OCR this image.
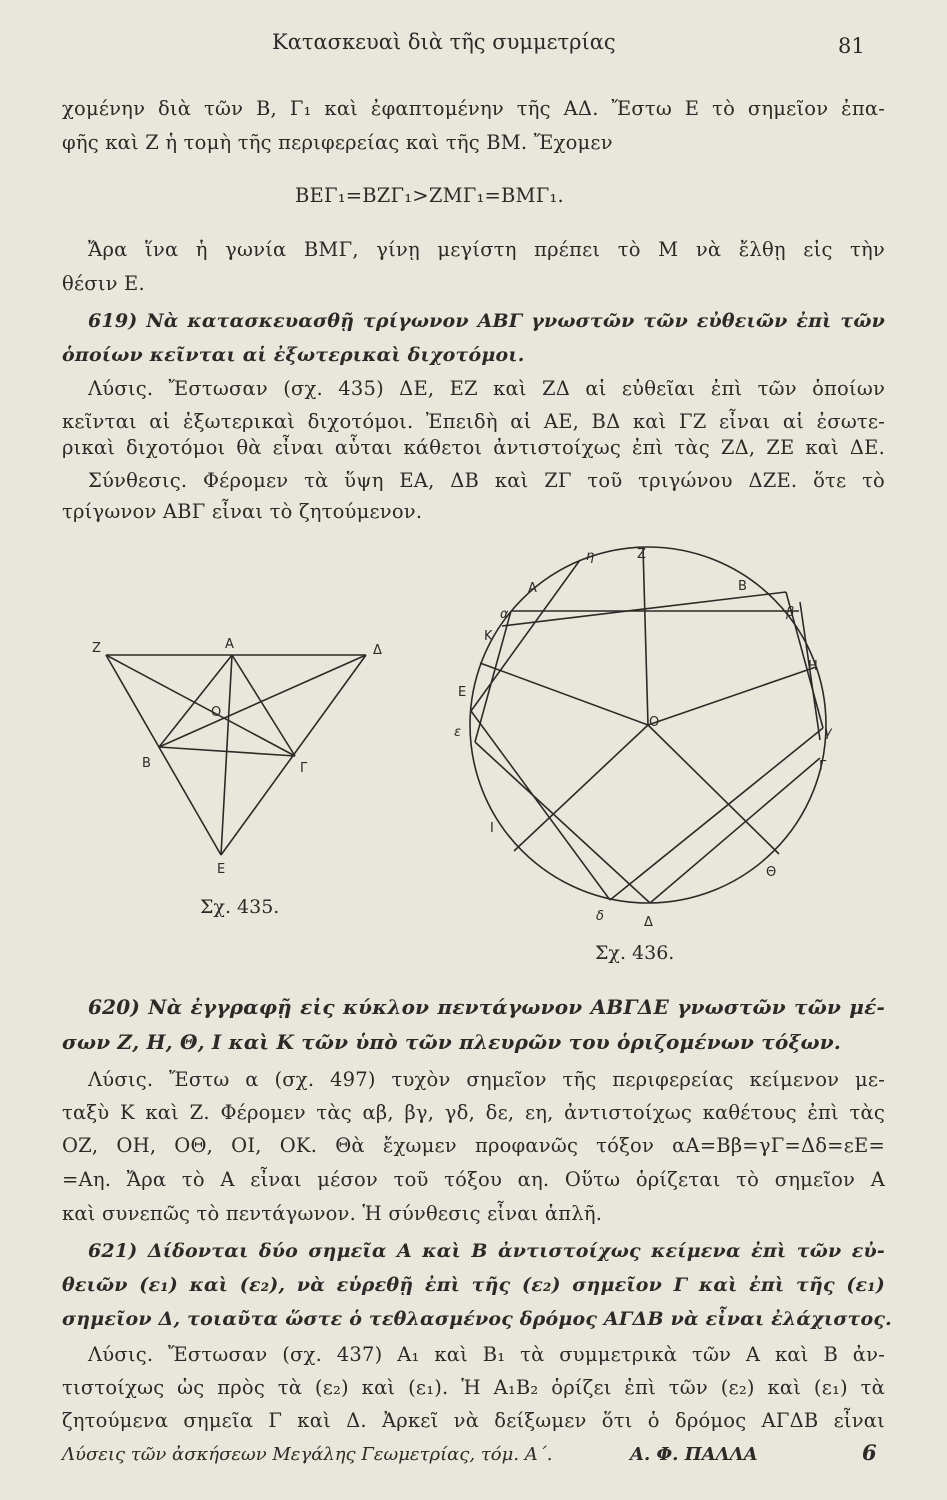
Κατασκευαὶ διὰ τῆς συμμετρίας	81
χομένην διὰ τῶν Β, Γ₁ καὶ ἐφαπτομένην τῆς ΑΔ. Ἔστω Ε τὸ σημεῖον ἐπα-
φῆς καὶ Ζ ἡ τομὴ τῆς περιφερείας καὶ τῆς ΒΜ. Ἔχομεν
ΒΕΓ₁=ΒΖΓ₁>ΖΜΓ₁=ΒΜΓ₁.
Ἄρα ἵνα ἡ γωνία ΒΜΓ, γίνῃ μεγίστη πρέπει τὸ Μ νὰ ἔλθῃ εἰς τὴν
θέσιν Ε.
619) Νὰ κατασκευασθῇ τρίγωνον ΑΒΓ γνωστῶν τῶν εὐθειῶν ἐπὶ τῶν
ὁποίων κεῖνται αἱ ἐξωτερικαὶ διχοτόμοι.
Λύσις. Ἔστωσαν (σχ. 435) ΔΕ, ΕΖ καὶ ΖΔ αἱ εὐθεῖαι ἐπὶ τῶν ὁποίων
κεῖνται αἱ ἐξωτερικαὶ διχοτόμοι. Ἐπειδὴ αἱ ΑΕ, ΒΔ καὶ ΓΖ εἶναι αἱ ἐσωτε-
ρικαὶ διχοτόμοι θὰ εἶναι αὗται κάθετοι ἀντιστοίχως ἐπὶ τὰς ΖΔ, ΖΕ καὶ ΔΕ.
Σύνθεσις. Φέρομεν τὰ ὕψη ΕΑ, ΔΒ καὶ ΖΓ τοῦ τριγώνου ΔΖΕ. ὅτε τὸ
τρίγωνον ΑΒΓ εἶναι τὸ ζητούμενον.
Ζ	Α	Δ
Ο
Β	Γ
Ε
Σχ. 435.
η	Ζ
Α	Β
α	β
Κ
Η
Ε
Ο
ε	γ
Γ
Ι
Θ
δ	Δ
Σχ. 436.
620) Νὰ ἐγγραφῇ εἰς κύκλον πεντάγωνον ΑΒΓΔΕ γνωστῶν τῶν μέ-
σων Ζ, Η, Θ, Ι καὶ Κ τῶν ὑπὸ τῶν πλευρῶν του ὁριζομένων τόξων.
Λύσις. Ἔστω α (σχ. 497) τυχὸν σημεῖον τῆς περιφερείας κείμενον με-
ταξὺ Κ καὶ Ζ. Φέρομεν τὰς αβ, βγ, γδ, δε, εη, ἀντιστοίχως καθέτους ἐπὶ τὰς
ΟΖ, ΟΗ, ΟΘ, ΟΙ, ΟΚ. Θὰ ἔχωμεν προφανῶς τόξον αΑ=Ββ=γΓ=Δδ=εΕ=
=Αη. Ἄρα τὸ Α εἶναι μέσον τοῦ τόξου αη. Οὕτω ὁρίζεται τὸ σημεῖον Α
καὶ συνεπῶς τὸ πεντάγωνον. Ἡ σύνθεσις εἶναι ἁπλῆ.
621) Δίδονται δύο σημεῖα Α καὶ Β ἀντιστοίχως κείμενα ἐπὶ τῶν εὐ-
θειῶν (ε₁) καὶ (ε₂), νὰ εὑρεθῇ ἐπὶ τῆς (ε₂) σημεῖον Γ καὶ ἐπὶ τῆς (ε₁)
σημεῖον Δ, τοιαῦτα ὥστε ὁ τεθλασμένος δρόμος ΑΓΔΒ νὰ εἶναι ἐλάχιστος.
Λύσις. Ἔστωσαν (σχ. 437) Α₁ καὶ Β₁ τὰ συμμετρικὰ τῶν Α καὶ Β ἀν-
τιστοίχως ὡς πρὸς τὰ (ε₂) καὶ (ε₁). Ἡ Α₁Β₂ ὁρίζει ἐπὶ τῶν (ε₂) καὶ (ε₁) τὰ
ζητούμενα σημεῖα Γ καὶ Δ. Ἀρκεῖ νὰ δείξωμεν ὅτι ὁ δρόμος ΑΓΔΒ εἶναι
Λύσεις τῶν ἀσκήσεων Μεγάλης Γεωμετρίας, τόμ. Α΄.	Α. Φ. ΠΑΛΛΑ	6
